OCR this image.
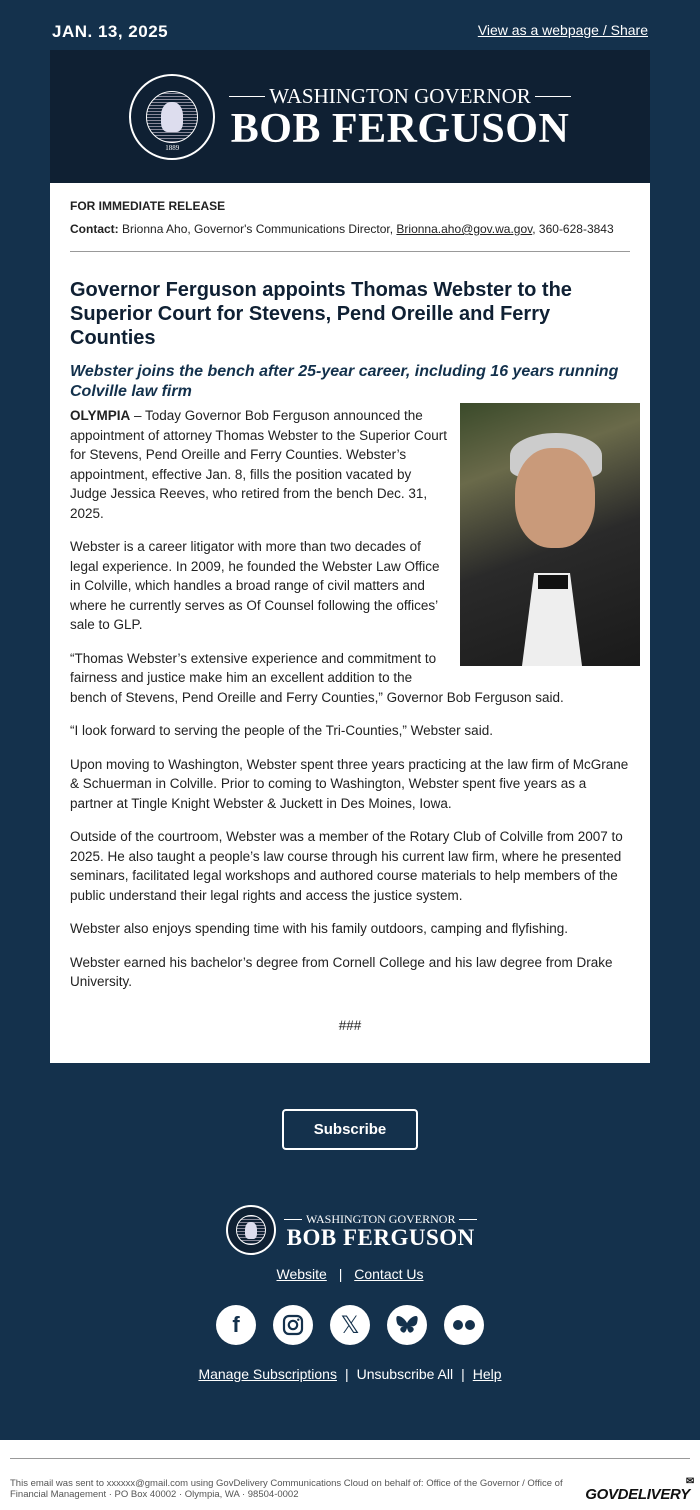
JAN. 13, 2025	View as a webpage / Share
1889
WASHINGTON GOVERNOR
BOB FERGUSON
FOR IMMEDIATE RELEASE
Contact: Brionna Aho, Governor's Communications Director, Brionna.aho@gov.wa.gov, 360-628-3843
Governor Ferguson appoints Thomas Webster to the Superior Court for Stevens, Pend Oreille and Ferry Counties
Webster joins the bench after 25-year career, including 16 years running Colville law firm

OLYMPIA – Today Governor Bob Ferguson announced the appointment of attorney Thomas Webster to the Superior Court for Stevens, Pend Oreille and Ferry Counties. Webster’s appointment, effective Jan. 8, fills the position vacated by Judge Jessica Reeves, who retired from the bench Dec. 31, 2025.

Webster is a career litigator with more than two decades of legal experience. In 2009, he founded the Webster Law Office in Colville, which handles a broad range of civil matters and where he currently serves as Of Counsel following the offices’ sale to GLP.

“Thomas Webster’s extensive experience and commitment to fairness and justice make him an excellent addition to the bench of Stevens, Pend Oreille and Ferry Counties,” Governor Bob Ferguson said.

“I look forward to serving the people of the Tri-Counties,” Webster said.

Upon moving to Washington, Webster spent three years practicing at the law firm of McGrane & Schuerman in Colville. Prior to coming to Washington, Webster spent five years as a partner at Tingle Knight Webster & Juckett in Des Moines, Iowa.

Outside of the courtroom, Webster was a member of the Rotary Club of Colville from 2007 to 2025. He also taught a people’s law course through his current law firm, where he presented seminars, facilitated legal workshops and authored course materials to help members of the public understand their legal rights and access the justice system.

Webster also enjoys spending time with his family outdoors, camping and flyfishing.

Webster earned his bachelor’s degree from Cornell College and his law degree from Drake University.

###
Subscribe
WASHINGTON GOVERNOR
BOB FERGUSON
Website | Contact Us
f	𝕏
Manage Subscriptions | Unsubscribe All | Help
This email was sent to xxxxxx@gmail.com using GovDelivery Communications Cloud on behalf of: Office of the Governor / Office of Financial Management · PO Box 40002 · Olympia, WA · 98504-0002	GOVDELIVERY
✉
